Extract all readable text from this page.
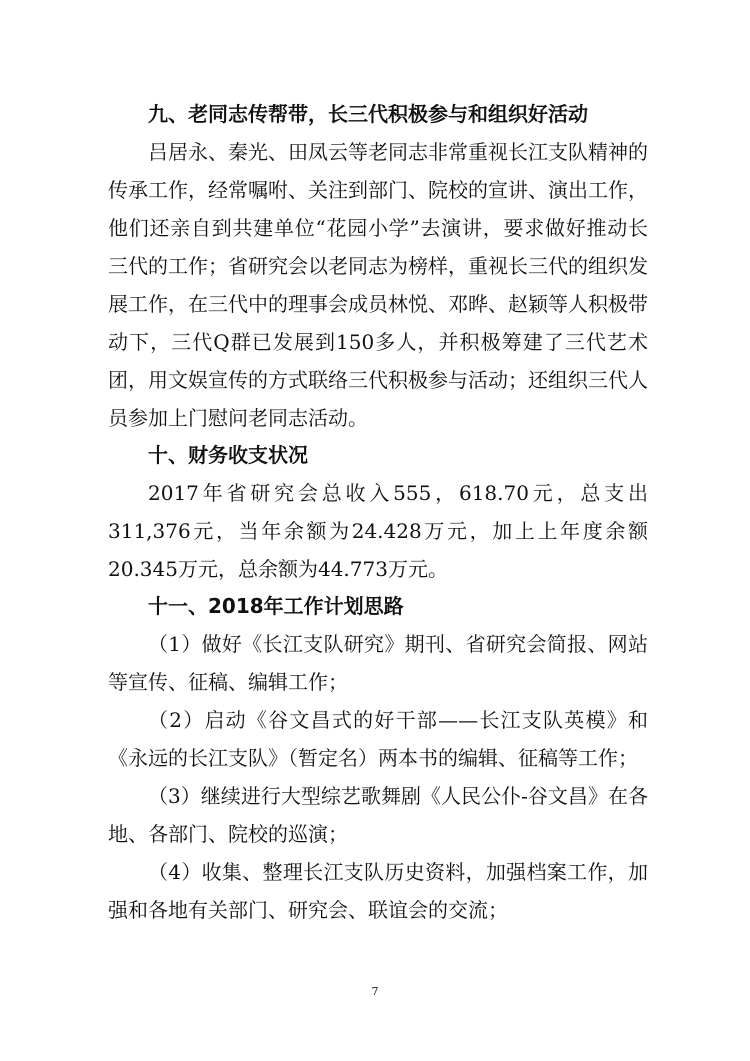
九、老同志传帮带，长三代积极参与和组织好活动

吕居永、秦光、田凤云等老同志非常重视长江支队精神的传承工作，经常嘱咐、关注到部门、院校的宣讲、演出工作，他们还亲自到共建单位“花园小学”去演讲，要求做好推动长三代的工作；省研究会以老同志为榜样，重视长三代的组织发展工作，在三代中的理事会成员林悦、邓晔、赵颖等人积极带动下，三代Q群已发展到150多人，并积极筹建了三代艺术团，用文娱宣传的方式联络三代积极参与活动；还组织三代人员参加上门慰问老同志活动。

十、财务收支状况

2017年省研究会总收入555，618.70元，总支出311,376元，当年余额为24.428万元，加上上年度余额20.345万元，总余额为44.773万元。

十一、2018年工作计划思路

（1）做好《长江支队研究》期刊、省研究会简报、网站等宣传、征稿、编辑工作；

（2）启动《谷文昌式的好干部——长江支队英模》和《永远的长江支队》（暂定名）两本书的编辑、征稿等工作；

（3）继续进行大型综艺歌舞剧《人民公仆-谷文昌》在各地、各部门、院校的巡演；

（4）收集、整理长江支队历史资料，加强档案工作，加强和各地有关部门、研究会、联谊会的交流；

7
